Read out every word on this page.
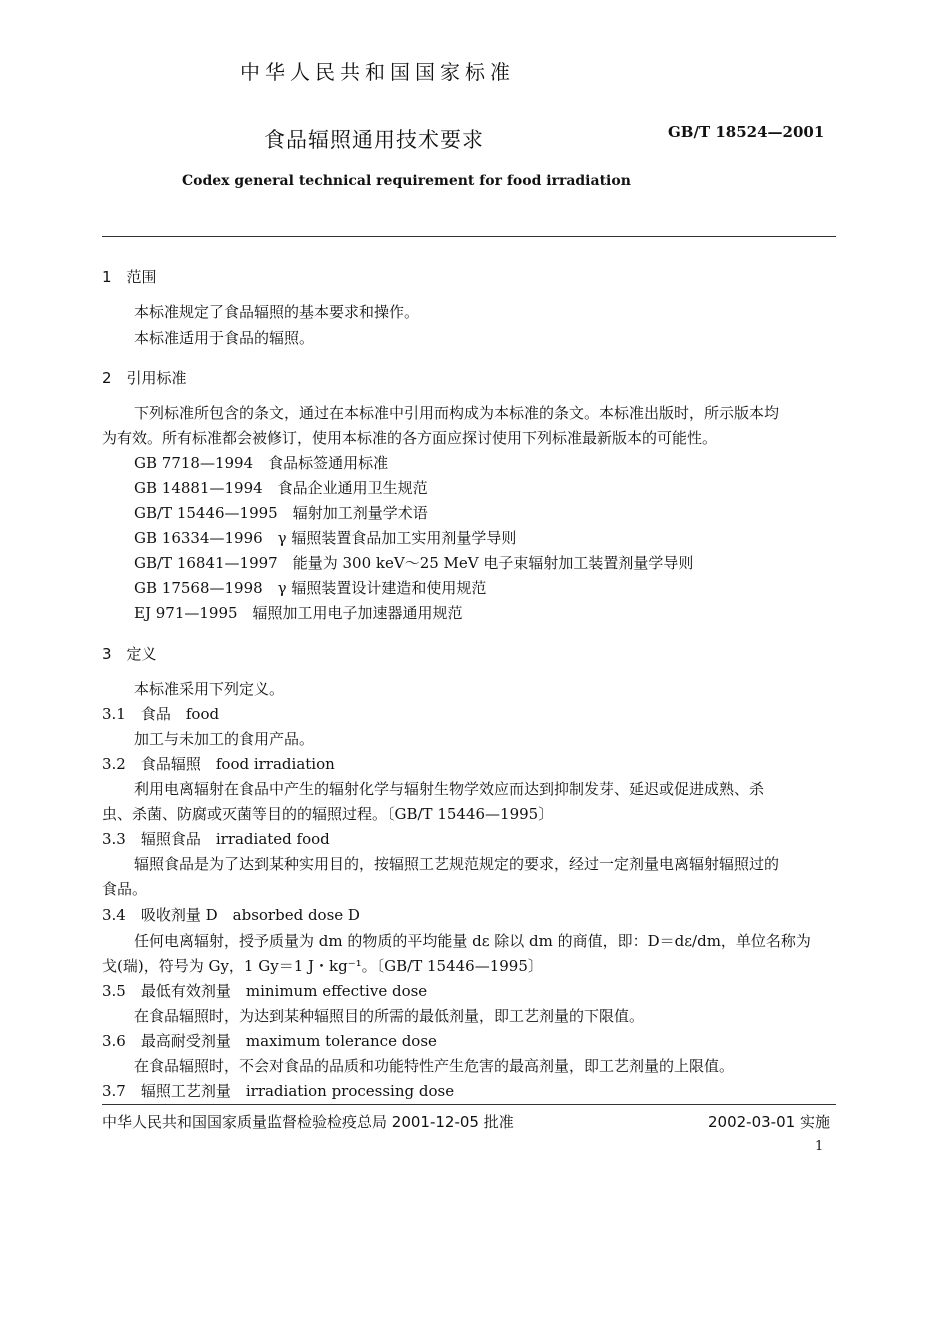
中华人民共和国国家标准
食品辐照通用技术要求	GB/T 18524—2001
Codex general technical requirement for food irradiation
1　范围
本标准规定了食品辐照的基本要求和操作。
本标准适用于食品的辐照。
2　引用标准
下列标准所包含的条文，通过在本标准中引用而构成为本标准的条文。本标准出版时，所示版本均
为有效。所有标准都会被修订，使用本标准的各方面应探讨使用下列标准最新版本的可能性。
GB 7718—1994　食品标签通用标准
GB 14881—1994　食品企业通用卫生规范
GB/T 15446—1995　辐射加工剂量学术语
GB 16334—1996　γ 辐照装置食品加工实用剂量学导则
GB/T 16841—1997　能量为 300 keV～25 MeV 电子束辐射加工装置剂量学导则
GB 17568—1998　γ 辐照装置设计建造和使用规范
EJ 971—1995　辐照加工用电子加速器通用规范
3　定义
本标准采用下列定义。
3.1　食品　food
加工与未加工的食用产品。
3.2　食品辐照　food irradiation
利用电离辐射在食品中产生的辐射化学与辐射生物学效应而达到抑制发芽、延迟或促进成熟、杀
虫、杀菌、防腐或灭菌等目的的辐照过程。〔GB/T 15446—1995〕
3.3　辐照食品　irradiated food
辐照食品是为了达到某种实用目的，按辐照工艺规范规定的要求，经过一定剂量电离辐射辐照过的
食品。
3.4　吸收剂量 D　absorbed dose D
任何电离辐射，授予质量为 dm 的物质的平均能量 dε 除以 dm 的商值，即：D＝dε/dm，单位名称为
戈(瑞)，符号为 Gy，1 Gy＝1 J・kg⁻¹。〔GB/T 15446—1995〕
3.5　最低有效剂量　minimum effective dose
在食品辐照时，为达到某种辐照目的所需的最低剂量，即工艺剂量的下限值。
3.6　最高耐受剂量　maximum tolerance dose
在食品辐照时，不会对食品的品质和功能特性产生危害的最高剂量，即工艺剂量的上限值。
3.7　辐照工艺剂量　irradiation processing dose
中华人民共和国国家质量监督检验检疫总局 2001-12-05 批准	2002-03-01 实施
1
